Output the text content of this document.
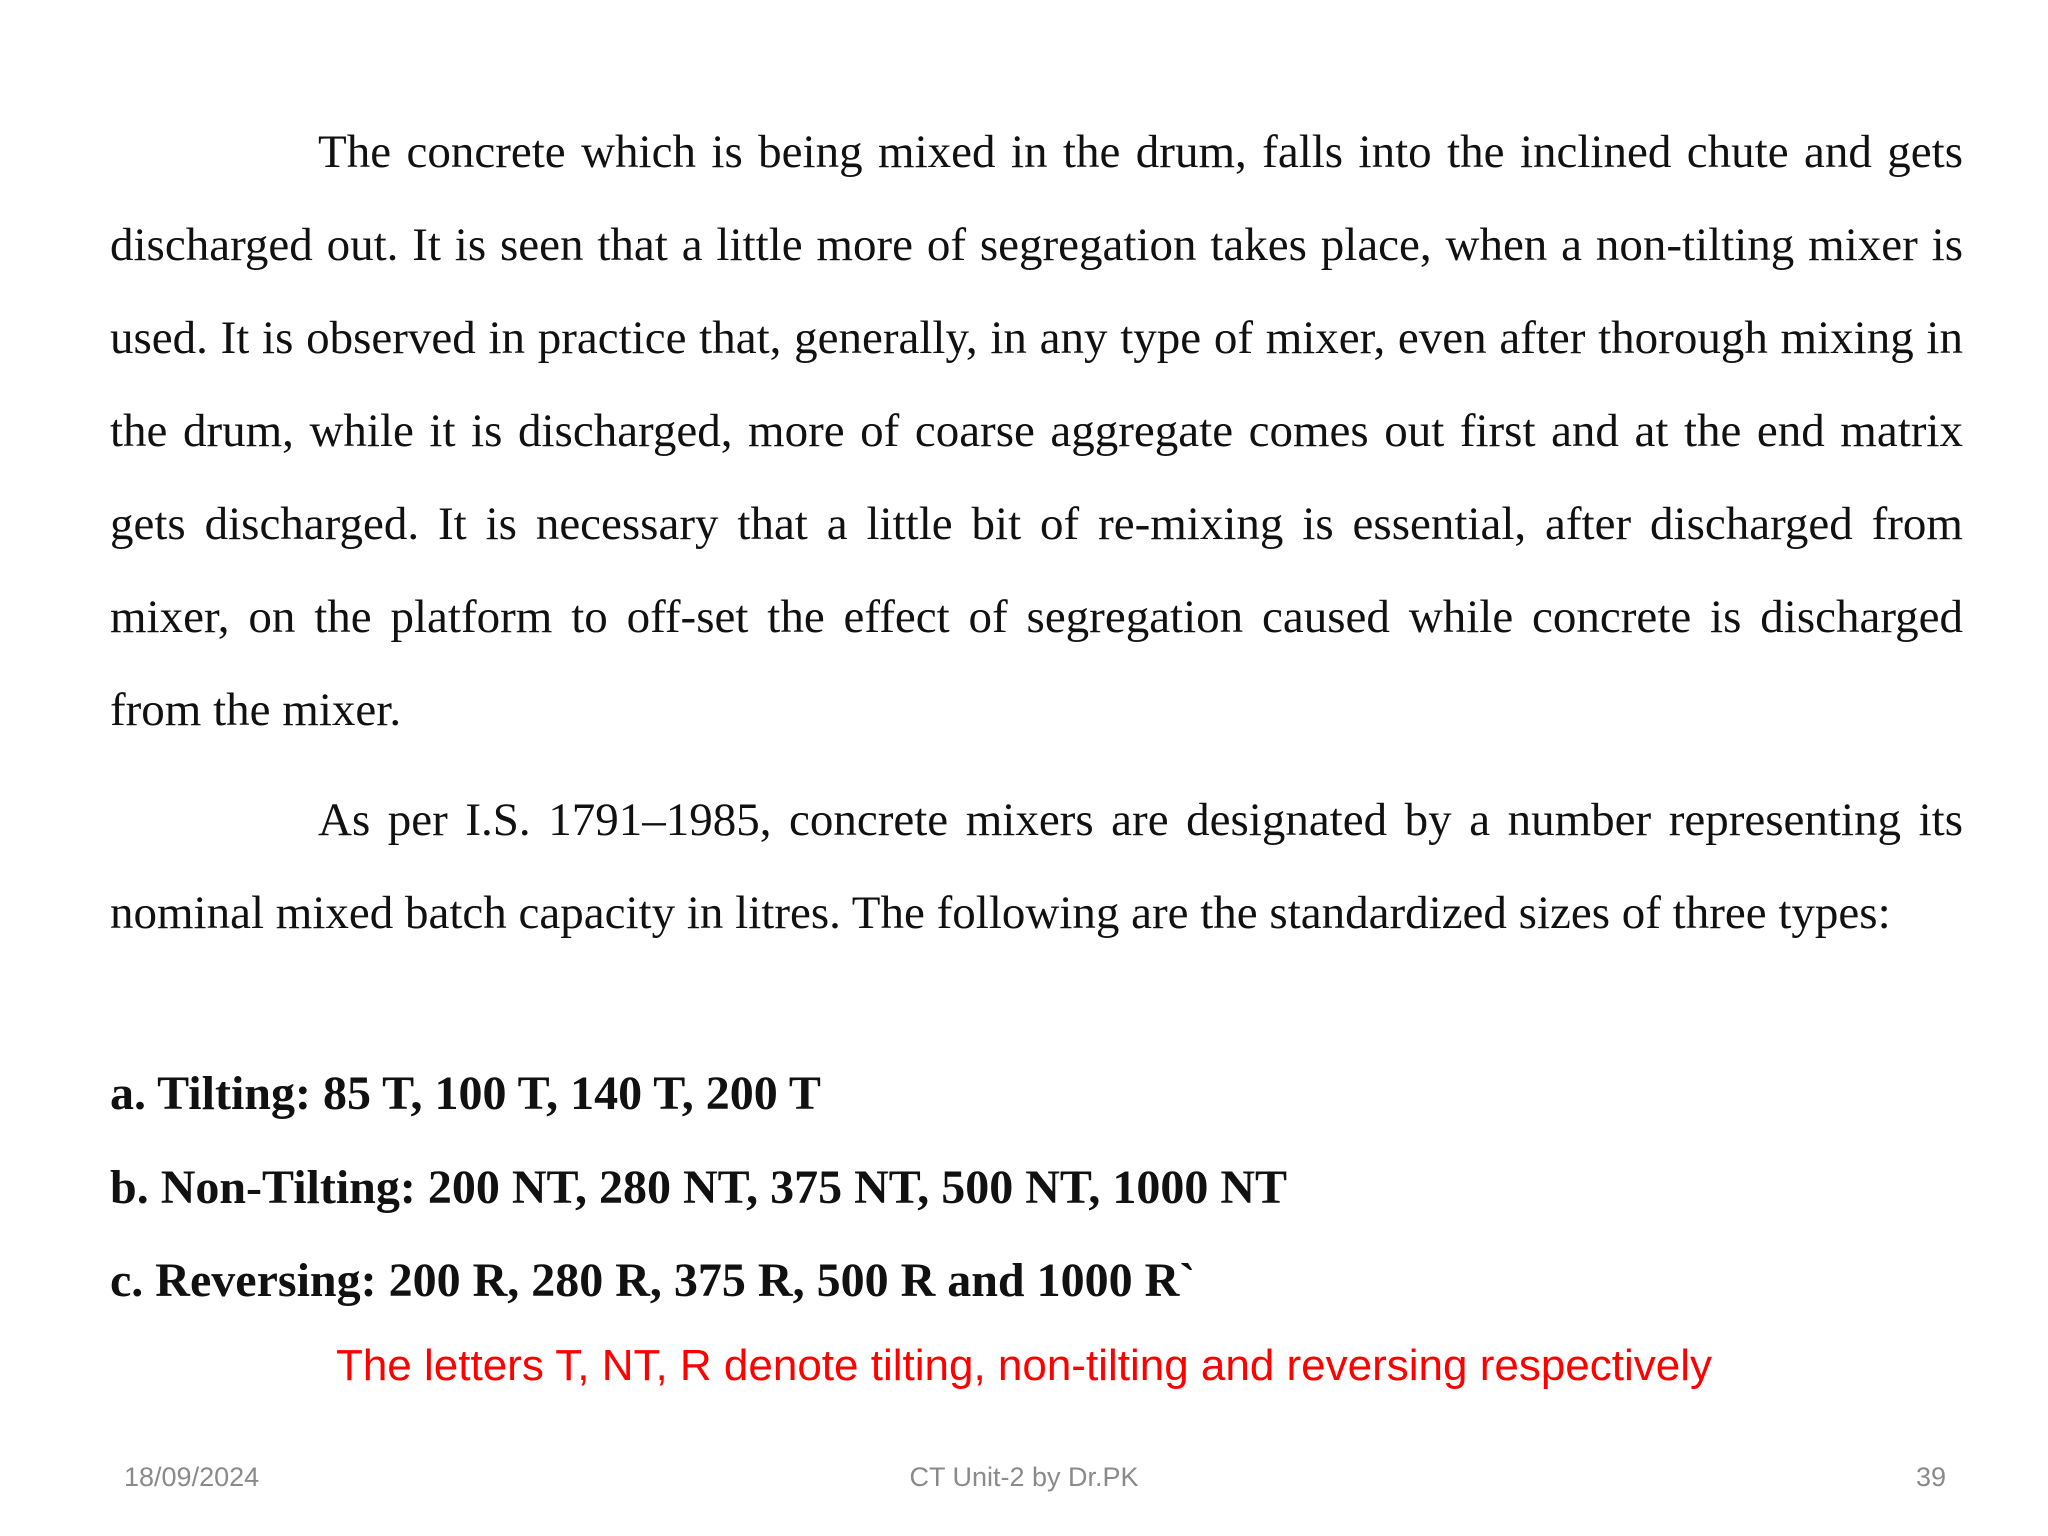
The concrete which is being mixed in the drum, falls into the inclined chute and gets discharged out. It is seen that a little more of segregation takes place, when a non-tilting mixer is used. It is observed in practice that, generally, in any type of mixer, even after thorough mixing in the drum, while it is discharged, more of coarse aggregate comes out first and at the end matrix gets discharged. It is necessary that a little bit of re-mixing is essential, after discharged from mixer, on the platform to off-set the effect of segregation caused while concrete is discharged from the mixer.

As per I.S. 1791–1985, concrete mixers are designated by a number representing its nominal mixed batch capacity in litres. The following are the standardized sizes of three types:

a. Tilting: 85 T, 100 T, 140 T, 200 T

b. Non-Tilting: 200 NT, 280 NT, 375 NT, 500 NT, 1000 NT

c. Reversing: 200 R, 280 R, 375 R, 500 R and 1000 R`

The letters T, NT, R denote tilting, non-tilting and reversing respectively

18/09/2024	CT Unit-2 by Dr.PK	39
